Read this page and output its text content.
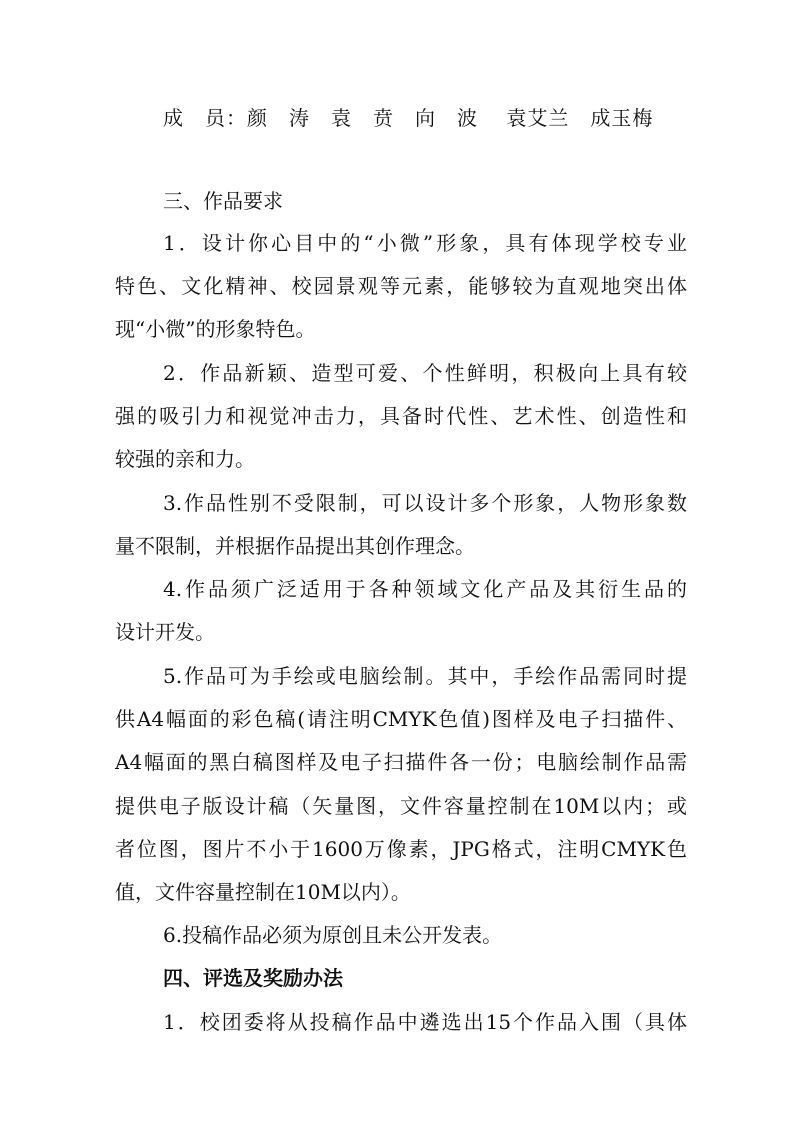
成　员：颜　涛　袁　贲　向　波　 袁艾兰　成玉梅
三、作品要求
1．设计你心目中的“小微”形象，具有体现学校专业
特色、文化精神、校园景观等元素，能够较为直观地突出体
现“小微”的形象特色。
2．作品新颖、造型可爱、个性鲜明，积极向上具有较
强的吸引力和视觉冲击力，具备时代性、艺术性、创造性和
较强的亲和力。
3.作品性别不受限制，可以设计多个形象，人物形象数
量不限制，并根据作品提出其创作理念。
4.作品须广泛适用于各种领域文化产品及其衍生品的
设计开发。
5.作品可为手绘或电脑绘制。其中，手绘作品需同时提
供A4幅面的彩色稿(请注明CMYK色值)图样及电子扫描件、
A4幅面的黑白稿图样及电子扫描件各一份；电脑绘制作品需
提供电子版设计稿（矢量图，文件容量控制在10M以内；或
者位图，图片不小于1600万像素，JPG格式，注明CMYK色
值，文件容量控制在10M以内）。
6.投稿作品必须为原创且未公开发表。
四、评选及奖励办法
1．校团委将从投稿作品中遴选出15个作品入围（具体
